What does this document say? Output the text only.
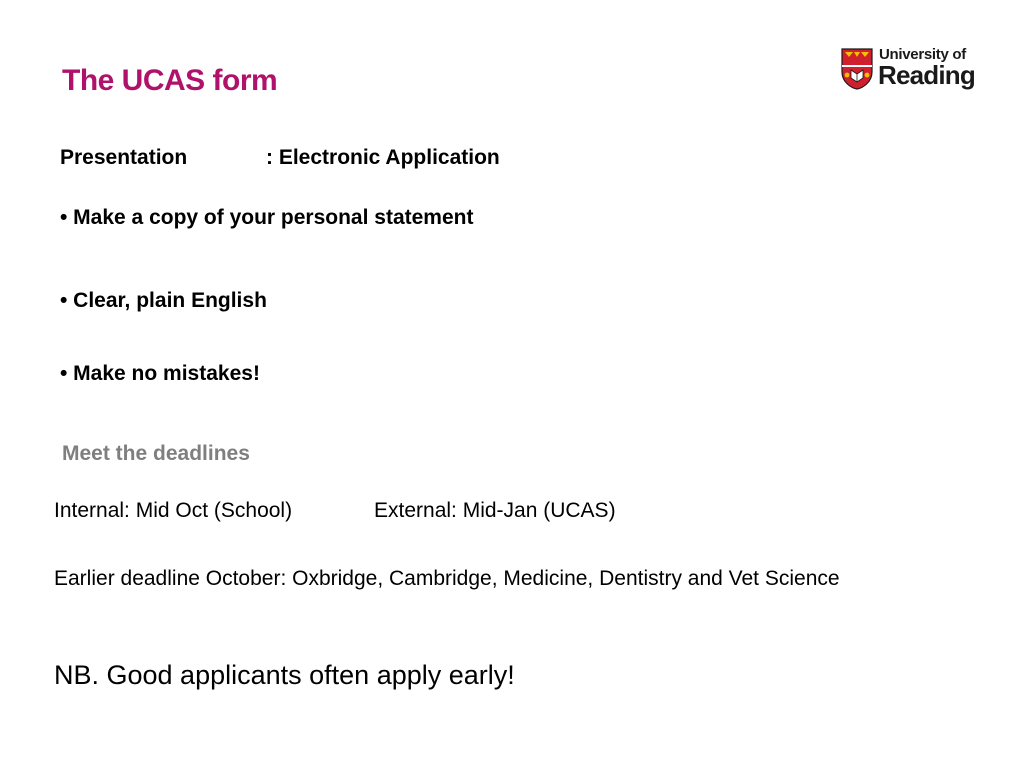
The UCAS form
University of
Reading
Presentation	: Electronic Application
• Make a copy of your personal statement
• Clear, plain English
• Make no mistakes!
Meet the deadlines
Internal: Mid Oct (School)	External: Mid-Jan (UCAS)
Earlier deadline October: Oxbridge, Cambridge, Medicine, Dentistry and Vet Science
NB. Good applicants often apply early!
